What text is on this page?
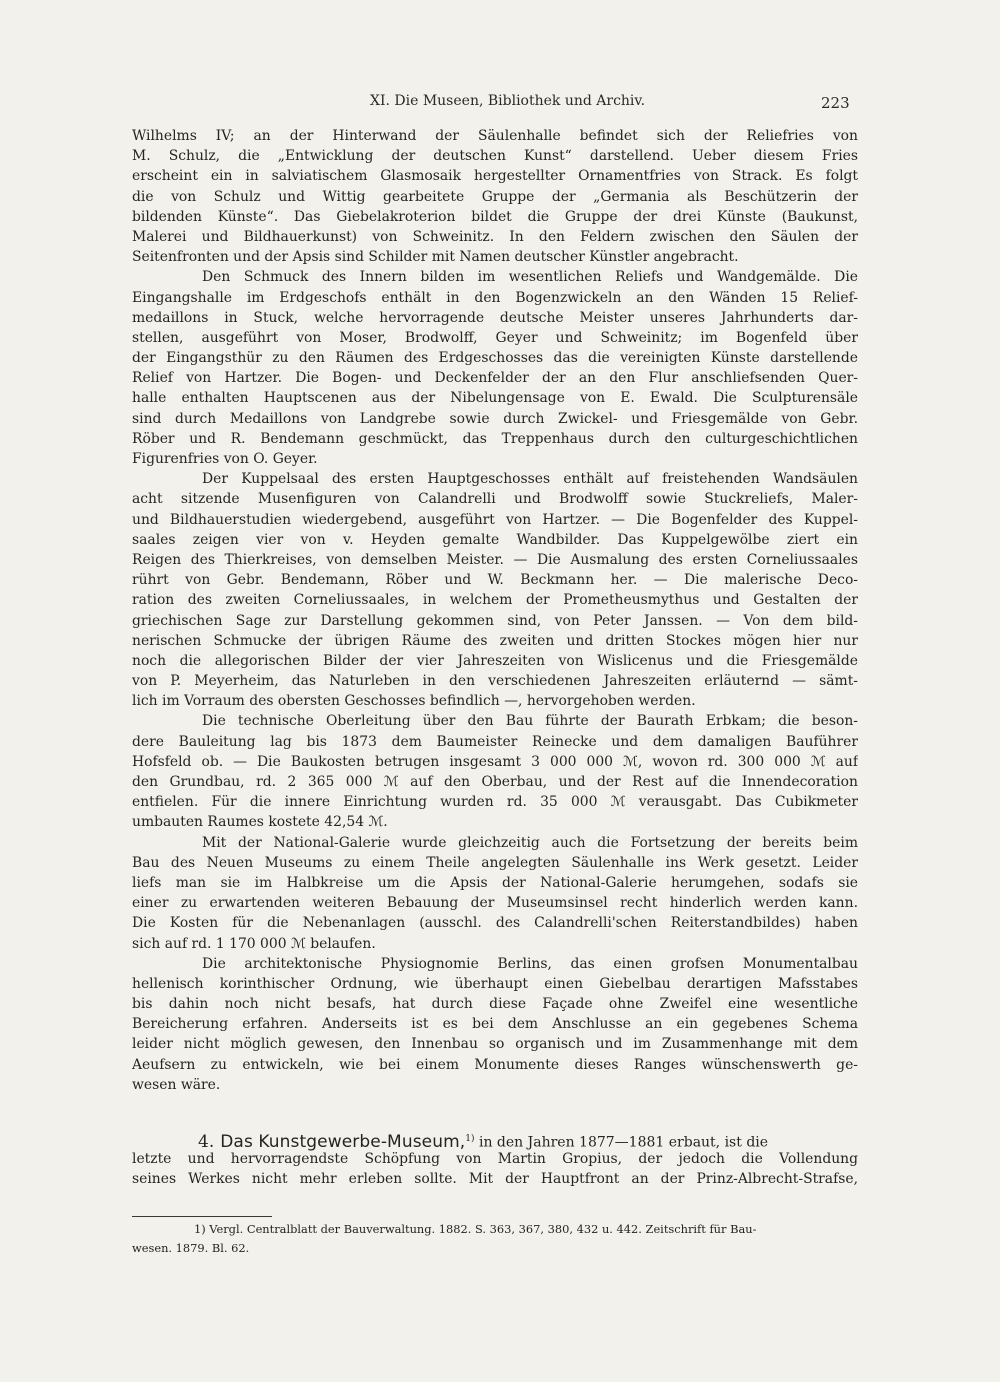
XI. Die Museen, Bibliothek und Archiv.	223
Wilhelms IV; an der Hinterwand der Säulenhalle befindet sich der Reliefries von
M. Schulz, die „Entwicklung der deutschen Kunst“ darstellend. Ueber diesem Fries
erscheint ein in salviatischem Glasmosaik hergestellter Ornamentfries von Strack. Es folgt
die von Schulz und Wittig gearbeitete Gruppe der „Germania als Beschützerin der
bildenden Künste“. Das Giebelakroterion bildet die Gruppe der drei Künste (Baukunst,
Malerei und Bildhauerkunst) von Schweinitz. In den Feldern zwischen den Säulen der
Seitenfronten und der Apsis sind Schilder mit Namen deutscher Künstler angebracht.
Den Schmuck des Innern bilden im wesentlichen Reliefs und Wandgemälde. Die
Eingangshalle im Erdgeschofs enthält in den Bogenzwickeln an den Wänden 15 Relief-
medaillons in Stuck, welche hervorragende deutsche Meister unseres Jahrhunderts dar-
stellen, ausgeführt von Moser, Brodwolff, Geyer und Schweinitz; im Bogenfeld über
der Eingangsthür zu den Räumen des Erdgeschosses das die vereinigten Künste darstellende
Relief von Hartzer. Die Bogen- und Deckenfelder der an den Flur anschliefsenden Quer-
halle enthalten Hauptscenen aus der Nibelungensage von E. Ewald. Die Sculpturensäle
sind durch Medaillons von Landgrebe sowie durch Zwickel- und Friesgemälde von Gebr.
Röber und R. Bendemann geschmückt, das Treppenhaus durch den culturgeschichtlichen
Figurenfries von O. Geyer.
Der Kuppelsaal des ersten Hauptgeschosses enthält auf freistehenden Wandsäulen
acht sitzende Musenfiguren von Calandrelli und Brodwolff sowie Stuckreliefs, Maler-
und Bildhauerstudien wiedergebend, ausgeführt von Hartzer. — Die Bogenfelder des Kuppel-
saales zeigen vier von v. Heyden gemalte Wandbilder. Das Kuppelgewölbe ziert ein
Reigen des Thierkreises, von demselben Meister. — Die Ausmalung des ersten Corneliussaales
rührt von Gebr. Bendemann, Röber und W. Beckmann her. — Die malerische Deco-
ration des zweiten Corneliussaales, in welchem der Prometheusmythus und Gestalten der
griechischen Sage zur Darstellung gekommen sind, von Peter Janssen. — Von dem bild-
nerischen Schmucke der übrigen Räume des zweiten und dritten Stockes mögen hier nur
noch die allegorischen Bilder der vier Jahreszeiten von Wislicenus und die Friesgemälde
von P. Meyerheim, das Naturleben in den verschiedenen Jahreszeiten erläuternd — sämt-
lich im Vorraum des obersten Geschosses befindlich —, hervorgehoben werden.
Die technische Oberleitung über den Bau führte der Baurath Erbkam; die beson-
dere Bauleitung lag bis 1873 dem Baumeister Reinecke und dem damaligen Bauführer
Hofsfeld ob. — Die Baukosten betrugen insgesamt 3 000 000 ℳ, wovon rd. 300 000 ℳ auf
den Grundbau, rd. 2 365 000 ℳ auf den Oberbau, und der Rest auf die Innendecoration
entfielen. Für die innere Einrichtung wurden rd. 35 000 ℳ verausgabt. Das Cubikmeter
umbauten Raumes kostete 42,54 ℳ.
Mit der National-Galerie wurde gleichzeitig auch die Fortsetzung der bereits beim
Bau des Neuen Museums zu einem Theile angelegten Säulenhalle ins Werk gesetzt. Leider
liefs man sie im Halbkreise um die Apsis der National-Galerie herumgehen, sodafs sie
einer zu erwartenden weiteren Bebauung der Museumsinsel recht hinderlich werden kann.
Die Kosten für die Nebenanlagen (ausschl. des Calandrelli'schen Reiterstandbildes) haben
sich auf rd. 1 170 000 ℳ belaufen.
Die architektonische Physiognomie Berlins, das einen grofsen Monumentalbau
hellenisch korinthischer Ordnung, wie überhaupt einen Giebelbau derartigen Mafsstabes
bis dahin noch nicht besafs, hat durch diese Façade ohne Zweifel eine wesentliche
Bereicherung erfahren. Anderseits ist es bei dem Anschlusse an ein gegebenes Schema
leider nicht möglich gewesen, den Innenbau so organisch und im Zusammenhange mit dem
Aeufsern zu entwickeln, wie bei einem Monumente dieses Ranges wünschenswerth ge-
wesen wäre.
4. Das Kunstgewerbe-Museum,$^{1)}$ in den Jahren 1877—1881 erbaut, ist die
letzte und hervorragendste Schöpfung von Martin Gropius, der jedoch die Vollendung
seines Werkes nicht mehr erleben sollte. Mit der Hauptfront an der Prinz-Albrecht-Strafse,
1) Vergl. Centralblatt der Bauverwaltung. 1882. S. 363, 367, 380, 432 u. 442. Zeitschrift für Bau-
wesen. 1879. Bl. 62.
